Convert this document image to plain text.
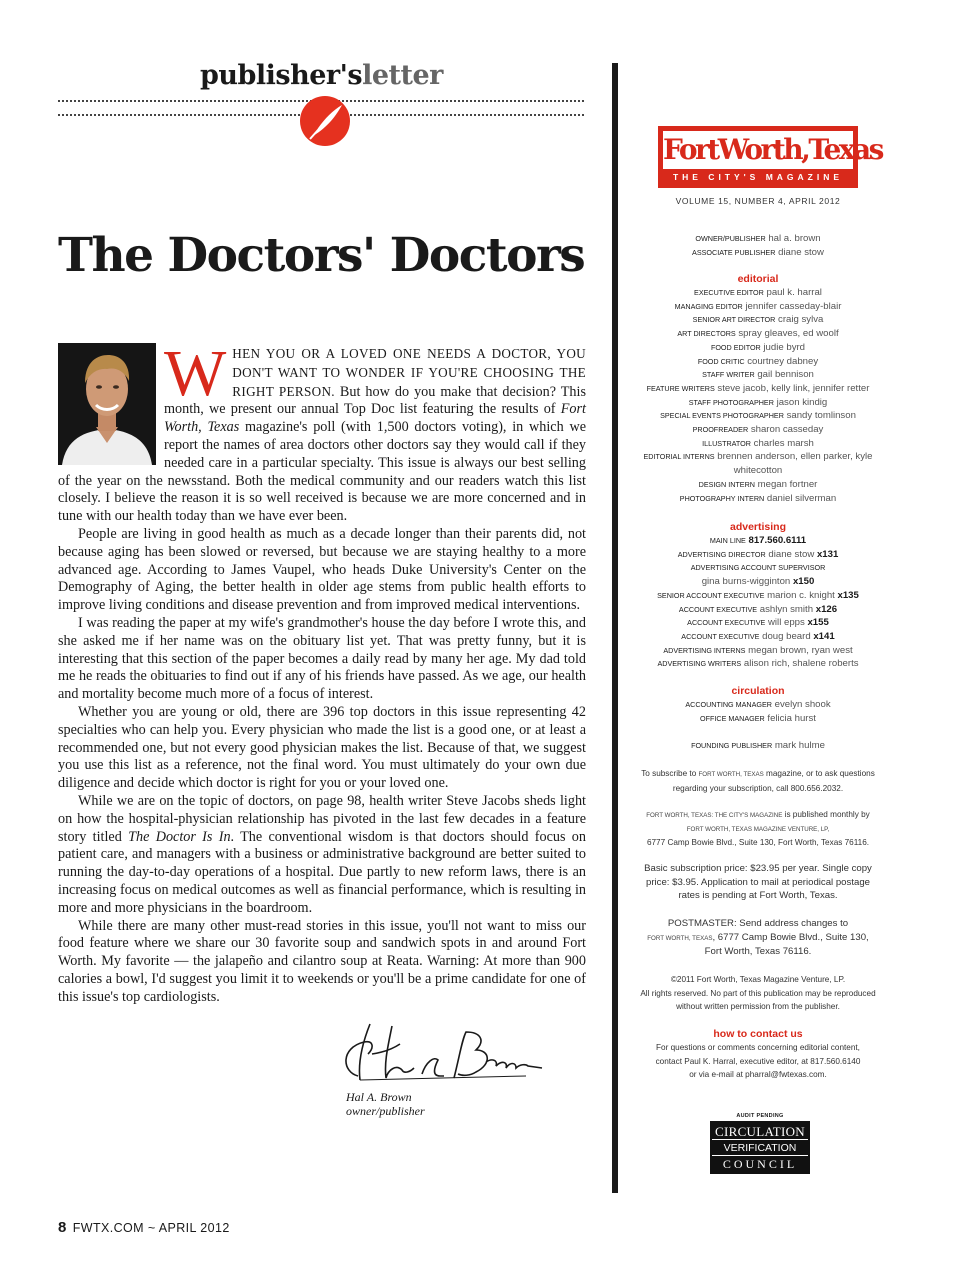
publisher'sletter
The Doctors' Doctors

W HEN YOU OR A LOVED ONE NEEDS A DOCTOR, YOU DON'T WANT TO WONDER IF YOU'RE CHOOSING THE RIGHT PERSON. But how do you make that decision? This month, we present our annual Top Doc list featuring the results of Fort Worth, Texas magazine's poll (with 1,500 doctors voting), in which we report the names of area doctors other doctors say they would call if they needed care in a particular specialty. This issue is always our best selling of the year on the newsstand. Both the medical community and our readers watch this list closely. I believe the reason it is so well received is because we are more concerned and in tune with our health today than we have ever been.

People are living in good health as much as a decade longer than their parents did, not because aging has been slowed or reversed, but because we are staying healthy to a more advanced age. According to James Vaupel, who heads Duke University's Center on the Demography of Aging, the better health in older age stems from public health efforts to improve living conditions and disease prevention and from improved medical interventions.

I was reading the paper at my wife's grandmother's house the day before I wrote this, and she asked me if her name was on the obituary list yet. That was pretty funny, but it is interesting that this section of the paper becomes a daily read by many her age. My dad told me he reads the obituaries to find out if any of his friends have passed. As we age, our health and mortality become much more of a focus of interest.

Whether you are young or old, there are 396 top doctors in this issue representing 42 specialties who can help you. Every physician who made the list is a good one, or at least a recommended one, but not every good physician makes the list. Because of that, we suggest you use this list as a reference, not the final word. You must ultimately do your own due diligence and decide which doctor is right for you or your loved one.

While we are on the topic of doctors, on page 98, health writer Steve Jacobs sheds light on how the hospital-physician relationship has pivoted in the last few decades in a feature story titled The Doctor Is In. The conventional wisdom is that doctors should focus on patient care, and managers with a business or administrative background are better suited to running the day-to-day operations of a hospital. Due partly to new reform laws, there is an increasing focus on medical outcomes as well as financial performance, which is resulting in more and more physicians in the boardroom.

While there are many other must-read stories in this issue, you'll not want to miss our food feature where we share our 30 favorite soup and sandwich spots in and around Fort Worth. My favorite — the jalapeño and cilantro soup at Reata. Warning: At more than 900 calories a bowl, I'd suggest you limit it to weekends or you'll be a prime candidate for one of this issue's top cardiologists.

Hal A. Brown
owner/publisher
8 FWTX.COM ~ APRIL 2012
FortWorth,Texas
THE CITY'S MAGAZINE
VOLUME 15, NUMBER 4, APRIL 2012
OWNER/PUBLISHER hal a. brown
ASSOCIATE PUBLISHER diane stow
editorial
EXECUTIVE EDITOR paul k. harral
MANAGING EDITOR jennifer casseday-blair
SENIOR ART DIRECTOR craig sylva
ART DIRECTORS spray gleaves, ed woolf
FOOD EDITOR judie byrd
FOOD CRITIC courtney dabney
STAFF WRITER gail bennison
FEATURE WRITERS steve jacob, kelly link, jennifer retter
STAFF PHOTOGRAPHER jason kindig
SPECIAL EVENTS PHOTOGRAPHER sandy tomlinson
PROOFREADER sharon casseday
ILLUSTRATOR charles marsh
EDITORIAL INTERNS brennen anderson, ellen parker, kyle
whitecotton
DESIGN INTERN megan fortner
PHOTOGRAPHY INTERN daniel silverman
advertising
MAIN LINE 817.560.6111
ADVERTISING DIRECTOR diane stow x131
ADVERTISING ACCOUNT SUPERVISOR
gina burns-wigginton x150
SENIOR ACCOUNT EXECUTIVE marion c. knight x135
ACCOUNT EXECUTIVE ashlyn smith x126
ACCOUNT EXECUTIVE will epps x155
ACCOUNT EXECUTIVE doug beard x141
ADVERTISING INTERNS megan brown, ryan west
ADVERTISING WRITERS alison rich, shalene roberts
circulation
ACCOUNTING MANAGER evelyn shook
OFFICE MANAGER felicia hurst
FOUNDING PUBLISHER mark hulme
To subscribe to FORT WORTH, TEXAS magazine, or to ask questions
regarding your subscription, call 800.656.2032.
FORT WORTH, TEXAS: THE CITY'S MAGAZINE is published monthly by
FORT WORTH, TEXAS MAGAZINE VENTURE, LP,
6777 Camp Bowie Blvd., Suite 130, Fort Worth, Texas 76116.
Basic subscription price: $23.95 per year. Single copy
price: $3.95. Application to mail at periodical postage
rates is pending at Fort Worth, Texas.
POSTMASTER: Send address changes to
FORT WORTH, TEXAS, 6777 Camp Bowie Blvd., Suite 130,
Fort Worth, Texas 76116.
©2011 Fort Worth, Texas Magazine Venture, LP.
All rights reserved. No part of this publication may be reproduced
without written permission from the publisher.
how to contact us
For questions or comments concerning editorial content,
contact Paul K. Harral, executive editor, at 817.560.6140
or via e-mail at pharral@fwtexas.com.
AUDIT PENDING
CIRCULATION
VERIFICATION
COUNCIL
